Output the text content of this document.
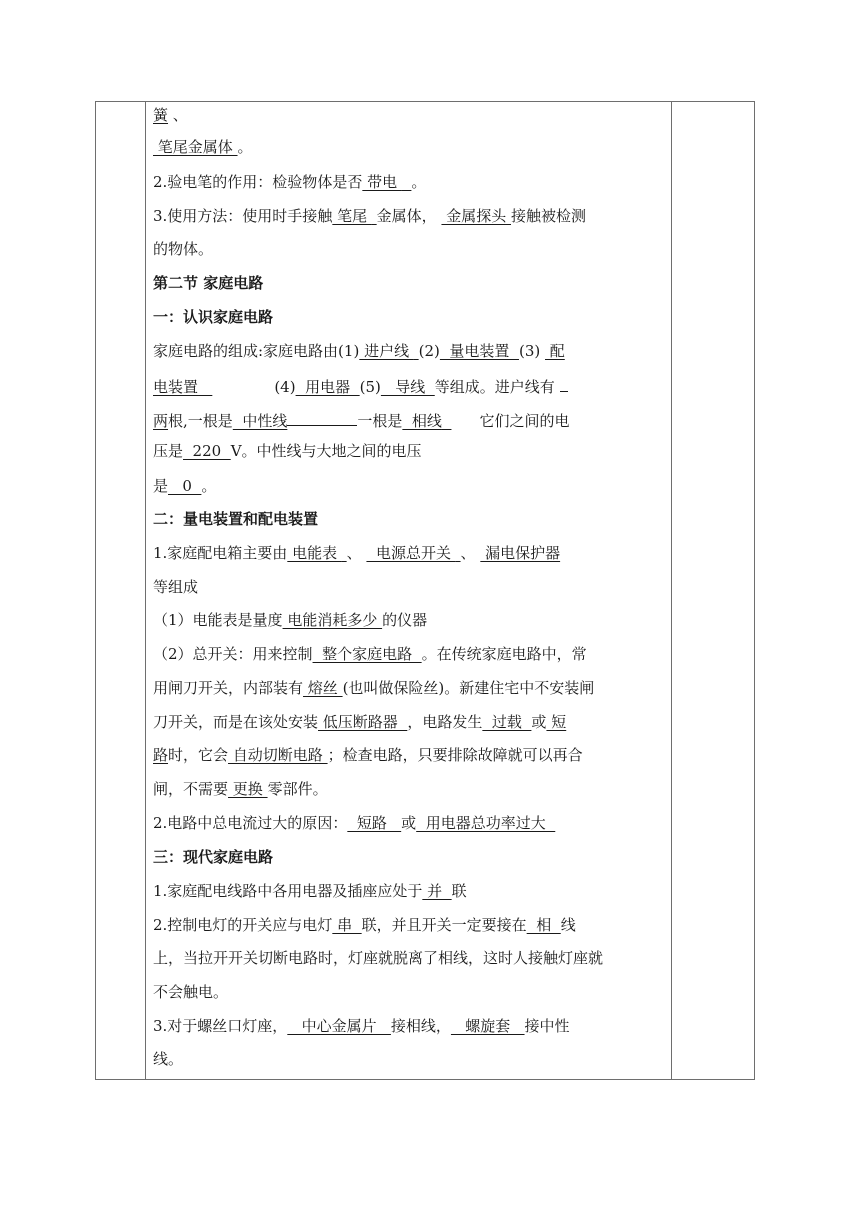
簧 、
笔尾金属体 。
2.验电笔的作用：检验物体是否 带电   。
3.使用方法：使用时手接触 笔尾  金属体，  金属探头 接触被检测
的物体。
第二节 家庭电路
一：认识家庭电路
家庭电路的组成:家庭电路由(1) 进户线  (2)  量电装置  (3)  配
电装置	(4)  用电器  (5)   导线  等组成。进户线有
两根,一根是  中性线	一根是  相线	它们之间的电
压是  220  V。中性线与大地之间的电压
是   0  。
二：量电装置和配电装置
1.家庭配电箱主要由 电能表  、   电源总开关  、  漏电保护器
等组成
（1）电能表是量度 电能消耗多少 的仪器
（2）总开关：用来控制  整个家庭电路  。在传统家庭电路中，常
用闸刀开关，内部装有 熔丝 (也叫做保险丝)。新建住宅中不安装闸
刀开关，而是在该处安装 低压断路器  ，电路发生  过载  或 短
路时，它会 自动切断电路 ；检查电路，只要排除故障就可以再合
闸，不需要 更换 零部件。
2.电路中总电流过大的原因：  短路   或  用电器总功率过大
三：现代家庭电路
1.家庭配电线路中各用电器及插座应处于 并  联
2.控制电灯的开关应与电灯 串  联，并且开关一定要接在  相  线
上，当拉开开关切断电路时，灯座就脱离了相线，这时人接触灯座就
不会触电。
3.对于螺丝口灯座，   中心金属片   接相线，   螺旋套   接中性
线。
